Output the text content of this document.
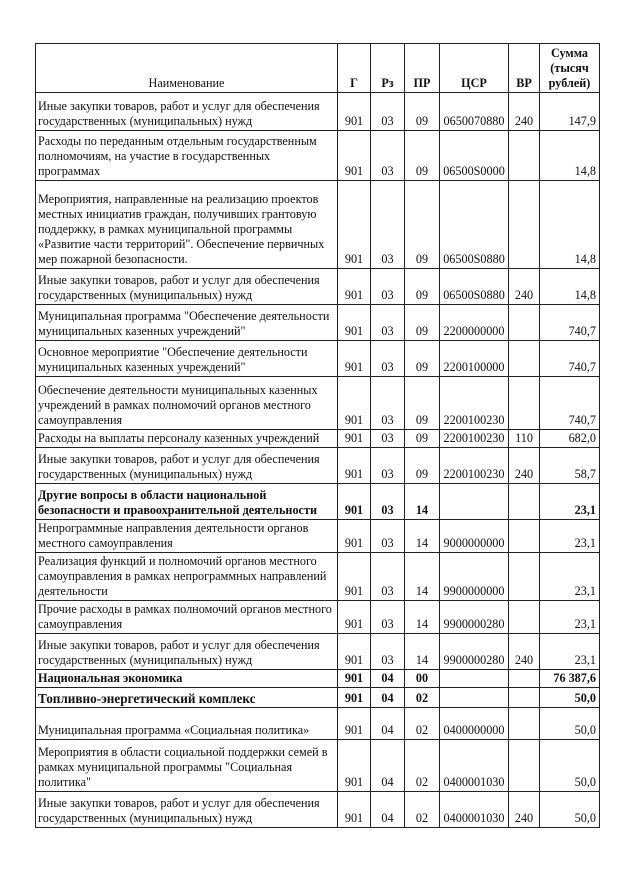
Наименование	Г	Рз	ПР	ЦСР	ВР	Сумма (тысяч рублей)
Иные закупки товаров, работ и услуг для обеспечения государственных (муниципальных) нужд	901	03	09	0650070880	240	147,9
Расходы по переданным отдельным государственным полномочиям, на участие в государственных программах	901	03	09	06500S0000		14,8
Мероприятия, направленные на реализацию проектов местных инициатив граждан, получивших грантовую поддержку, в рамках муниципальной программы «Развитие части территорий". Обеспечение первичных мер пожарной безопасности.	901	03	09	06500S0880		14,8
Иные закупки товаров, работ и услуг для обеспечения государственных (муниципальных) нужд	901	03	09	06500S0880	240	14,8
Муниципальная программа "Обеспечение деятельности муниципальных казенных учреждений"	901	03	09	2200000000		740,7
Основное мероприятие "Обеспечение деятельности муниципальных казенных учреждений"	901	03	09	2200100000		740,7
Обеспечение деятельности муниципальных казенных учреждений в рамках полномочий органов местного самоуправления	901	03	09	2200100230		740,7
Расходы на выплаты персоналу казенных учреждений	901	03	09	2200100230	110	682,0
Иные закупки товаров, работ и услуг для обеспечения государственных (муниципальных) нужд	901	03	09	2200100230	240	58,7
Другие вопросы в области национальной безопасности и правоохранительной деятельности	901	03	14			23,1
Непрограммные направления деятельности органов местного самоуправления	901	03	14	9000000000		23,1
Реализация функций и полномочий органов местного самоуправления в рамках непрограммных направлений деятельности	901	03	14	9900000000		23,1
Прочие расходы в рамках полномочий органов местного самоуправления	901	03	14	9900000280		23,1
Иные закупки товаров, работ и услуг для обеспечения государственных (муниципальных) нужд	901	03	14	9900000280	240	23,1
Национальная экономика	901	04	00			76 387,6
Топливно-энергетический комплекс	901	04	02			50,0
Муниципальная программа «Социальная политика»	901	04	02	0400000000		50,0
Мероприятия в области социальной поддержки семей в рамках муниципальной программы "Социальная политика"	901	04	02	0400001030		50,0
Иные закупки товаров, работ и услуг для обеспечения государственных (муниципальных) нужд	901	04	02	0400001030	240	50,0
